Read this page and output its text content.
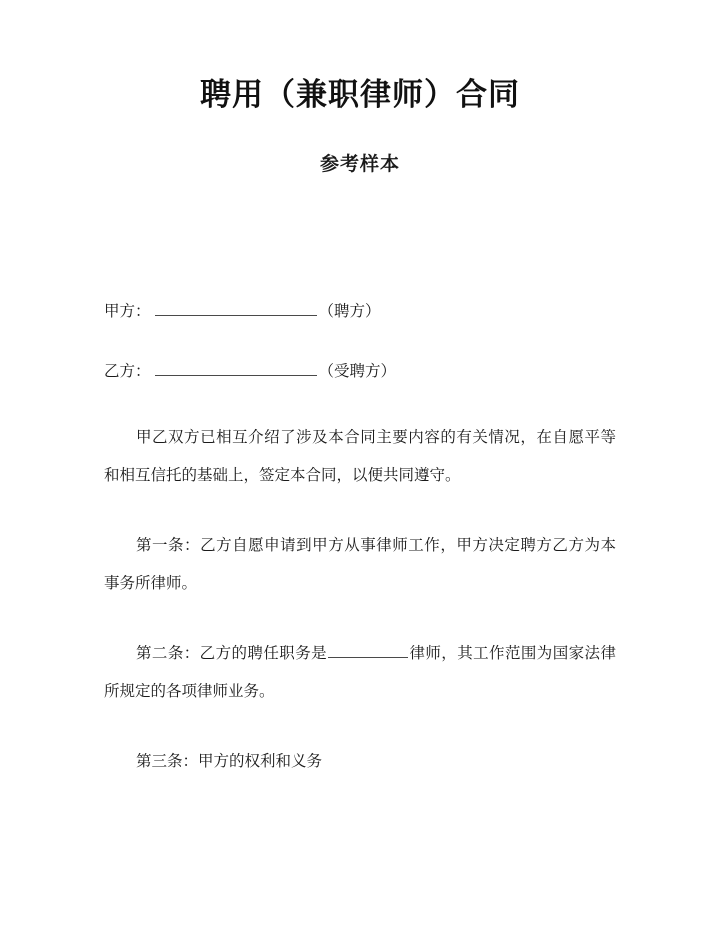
聘用（兼职律师）合同
参考样本
甲方：	（聘方）
乙方：	（受聘方）

甲乙双方已相互介绍了涉及本合同主要内容的有关情况，在自愿平等和相互信托的基础上，签定本合同，以便共同遵守。

第一条：乙方自愿申请到甲方从事律师工作，甲方决定聘方乙方为本事务所律师。

第二条：乙方的聘任职务是	律师，其工作范围为国家法律所规定的各项律师业务。

第三条：甲方的权利和义务
